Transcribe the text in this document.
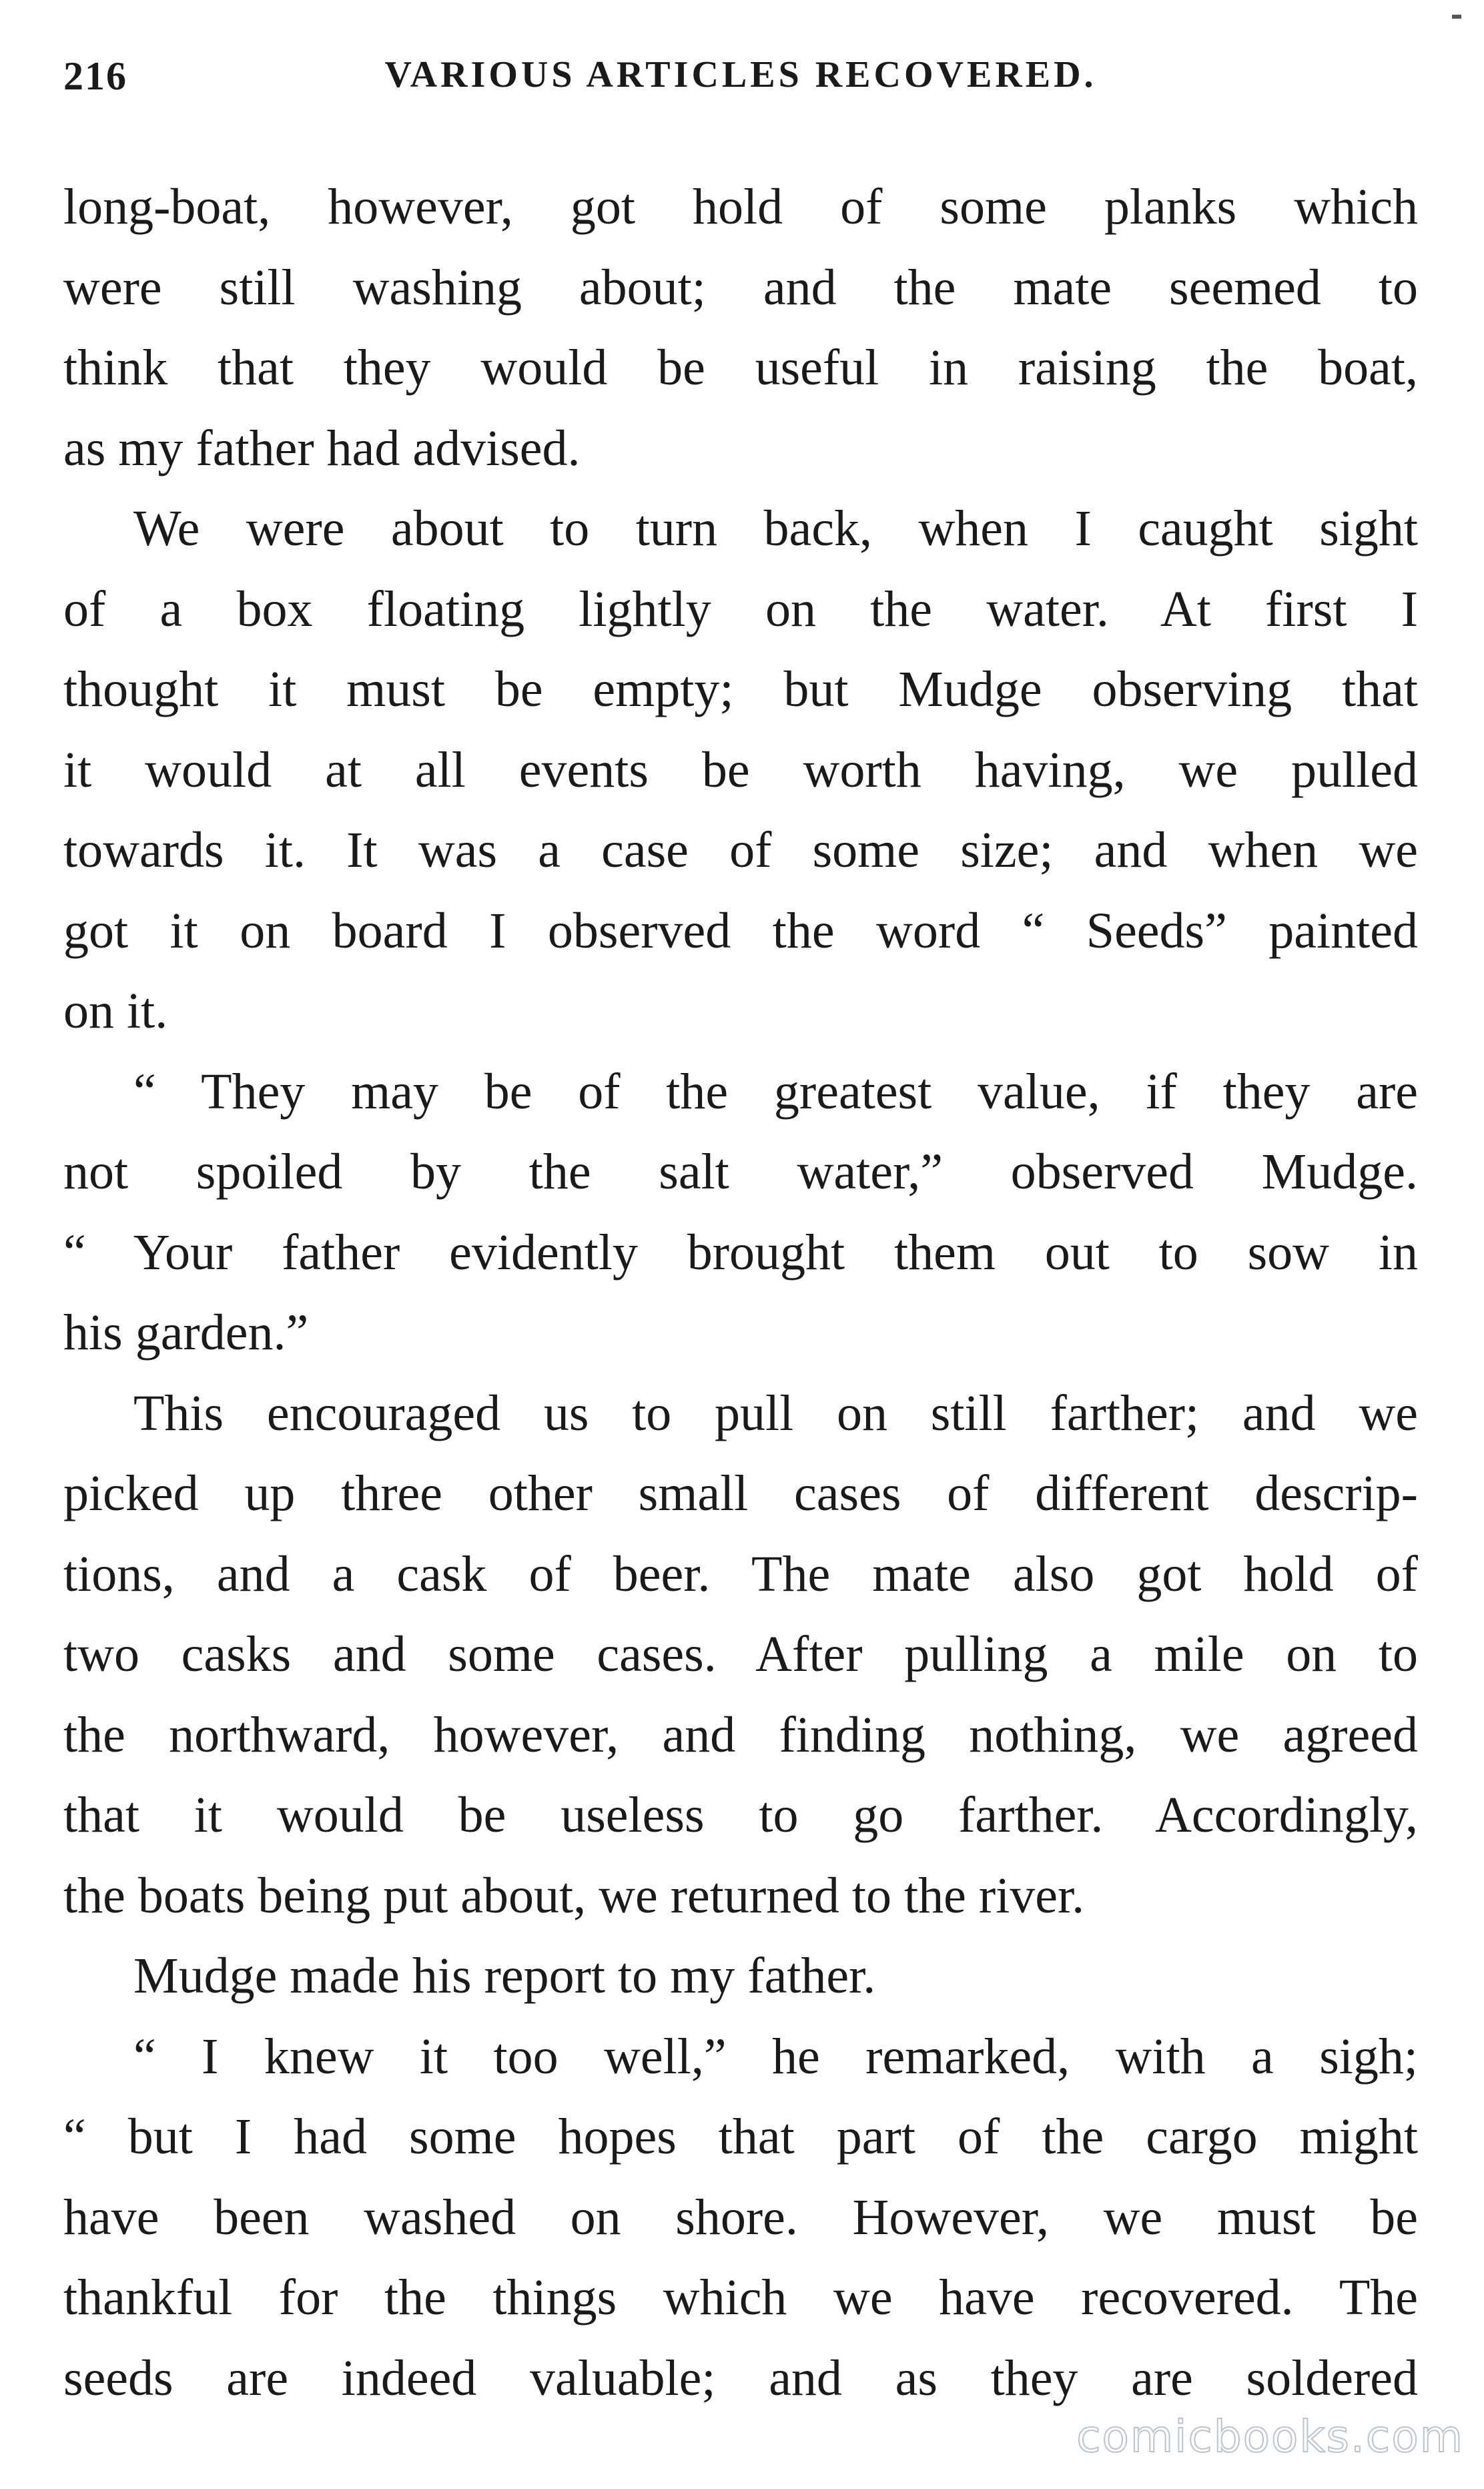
216	VARIOUS ARTICLES RECOVERED.
long-boat, however, got hold of some planks which
were still washing about; and the mate seemed to
think that they would be useful in raising the boat,
as my father had advised.
We were about to turn back, when I caught sight
of a box floating lightly on the water. At first I
thought it must be empty; but Mudge observing that
it would at all events be worth having, we pulled
towards it. It was a case of some size; and when we
got it on board I observed the word “ Seeds” painted
on it.
“ They may be of the greatest value, if they are
not spoiled by the salt water,” observed Mudge.
“ Your father evidently brought them out to sow in
his garden.”
This encouraged us to pull on still farther; and we
picked up three other small cases of different descrip-
tions, and a cask of beer. The mate also got hold of
two casks and some cases. After pulling a mile on to
the northward, however, and finding nothing, we agreed
that it would be useless to go farther. Accordingly,
the boats being put about, we returned to the river.
Mudge made his report to my father.
“ I knew it too well,” he remarked, with a sigh;
“ but I had some hopes that part of the cargo might
have been washed on shore. However, we must be
thankful for the things which we have recovered. The
seeds are indeed valuable; and as they are soldered
comicbooks.com
